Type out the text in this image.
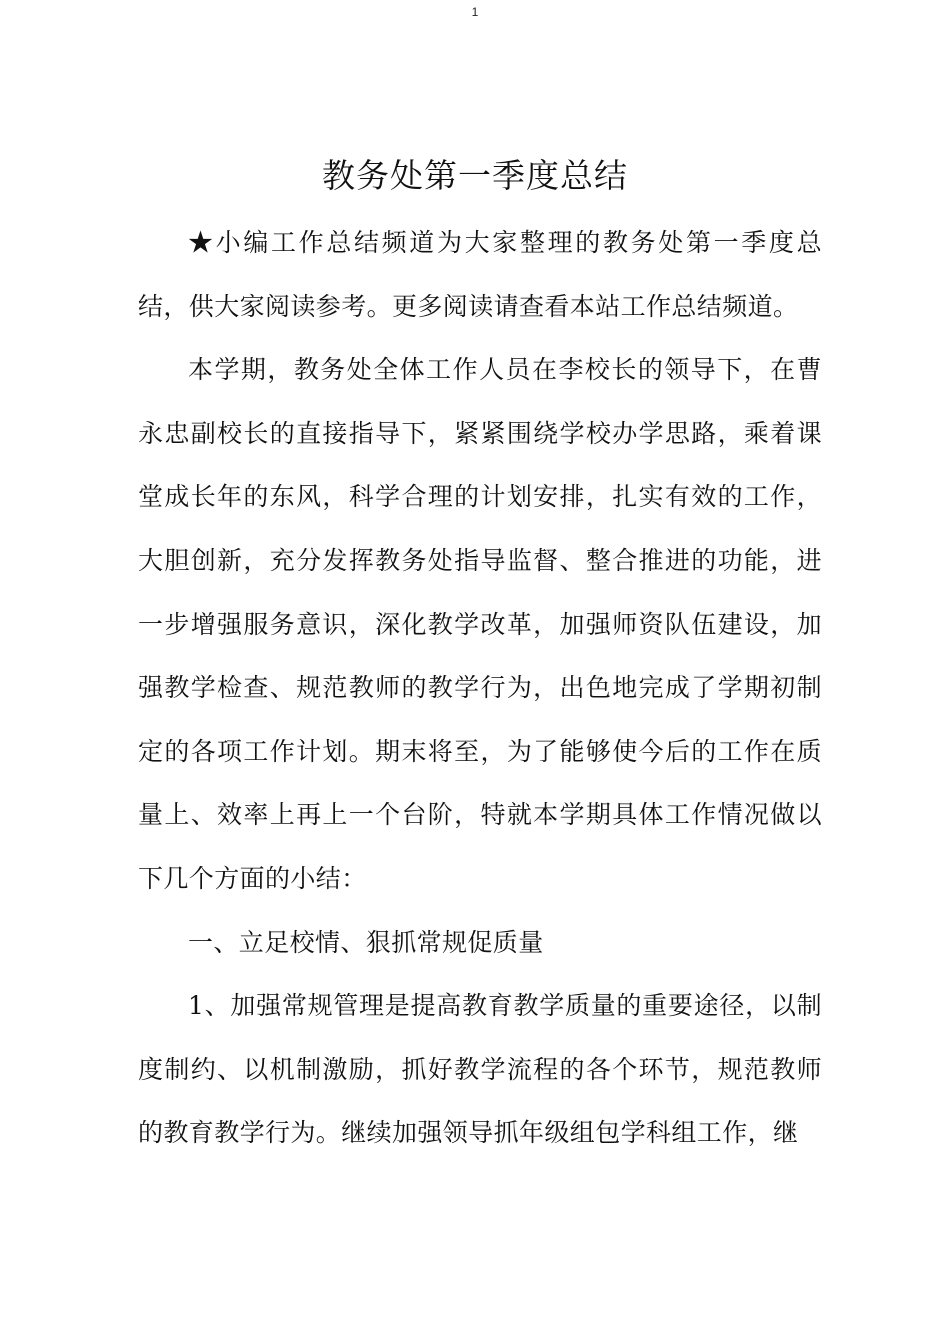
1
教务处第一季度总结

★小编工作总结频道为大家整理的教务处第一季度总结，供大家阅读参考。更多阅读请查看本站工作总结频道。

本学期，教务处全体工作人员在李校长的领导下，在曹永忠副校长的直接指导下，紧紧围绕学校办学思路，乘着课堂成长年的东风，科学合理的计划安排，扎实有效的工作，大胆创新，充分发挥教务处指导监督、整合推进的功能，进一步增强服务意识，深化教学改革，加强师资队伍建设，加强教学检查、规范教师的教学行为，出色地完成了学期初制定的各项工作计划。期末将至，为了能够使今后的工作在质量上、效率上再上一个台阶，特就本学期具体工作情况做以下几个方面的小结：

一、立足校情、狠抓常规促质量

1、加强常规管理是提高教育教学质量的重要途径，以制度制约、以机制激励，抓好教学流程的各个环节，规范教师的教育教学行为。继续加强领导抓年级组包学科组工作，继
